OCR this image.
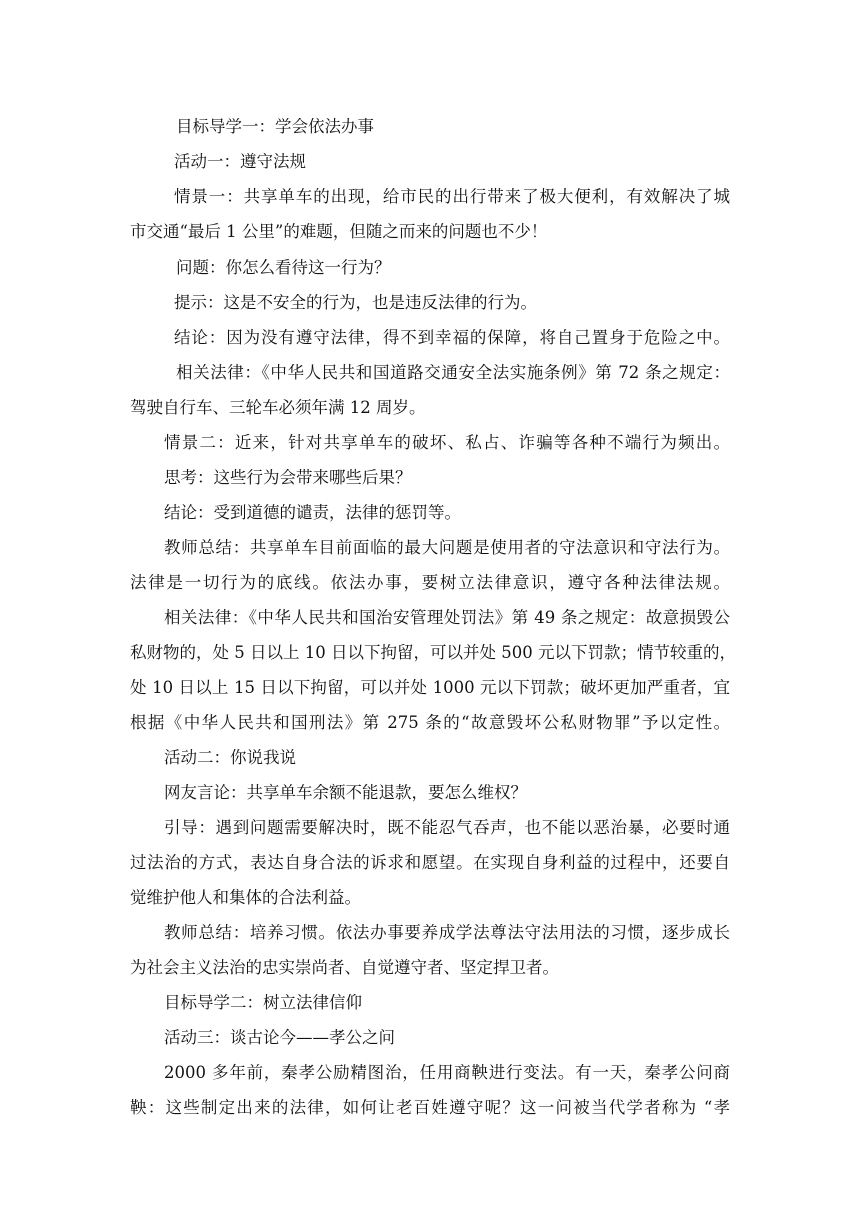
目标导学一：学会依法办事
活动一：遵守法规
情景一：共享单车的出现，给市民的出行带来了极大便利，有效解决了城
市交通“最后 1 公里”的难题，但随之而来的问题也不少！
问题：你怎么看待这一行为？
提示：这是不安全的行为，也是违反法律的行为。
结论：因为没有遵守法律，得不到幸福的保障，将自己置身于危险之中。
相关法律：《中华人民共和国道路交通安全法实施条例》第 72 条之规定：
驾驶自行车、三轮车必须年满 12 周岁。
情景二：近来，针对共享单车的破坏、私占、诈骗等各种不端行为频出。
思考：这些行为会带来哪些后果？
结论：受到道德的谴责，法律的惩罚等。
教师总结：共享单车目前面临的最大问题是使用者的守法意识和守法行为。
法律是一切行为的底线。依法办事，要树立法律意识，遵守各种法律法规。
相关法律：《中华人民共和国治安管理处罚法》第 49 条之规定：故意损毁公
私财物的，处 5 日以上 10 日以下拘留，可以并处 500 元以下罚款；情节较重的，
处 10 日以上 15 日以下拘留，可以并处 1000 元以下罚款；破坏更加严重者，宜
根据《中华人民共和国刑法》第 275 条的“故意毁坏公私财物罪”予以定性。
活动二：你说我说
网友言论：共享单车余额不能退款，要怎么维权？
引导：遇到问题需要解决时，既不能忍气吞声，也不能以恶治暴，必要时通
过法治的方式，表达自身合法的诉求和愿望。在实现自身利益的过程中，还要自
觉维护他人和集体的合法利益。
教师总结：培养习惯。依法办事要养成学法尊法守法用法的习惯，逐步成长
为社会主义法治的忠实崇尚者、自觉遵守者、坚定捍卫者。
目标导学二：树立法律信仰
活动三：谈古论今——孝公之问
2000 多年前，秦孝公励精图治，任用商鞅进行变法。有一天，秦孝公问商
鞅：这些制定出来的法律，如何让老百姓遵守呢？这一问被当代学者称为 “孝
